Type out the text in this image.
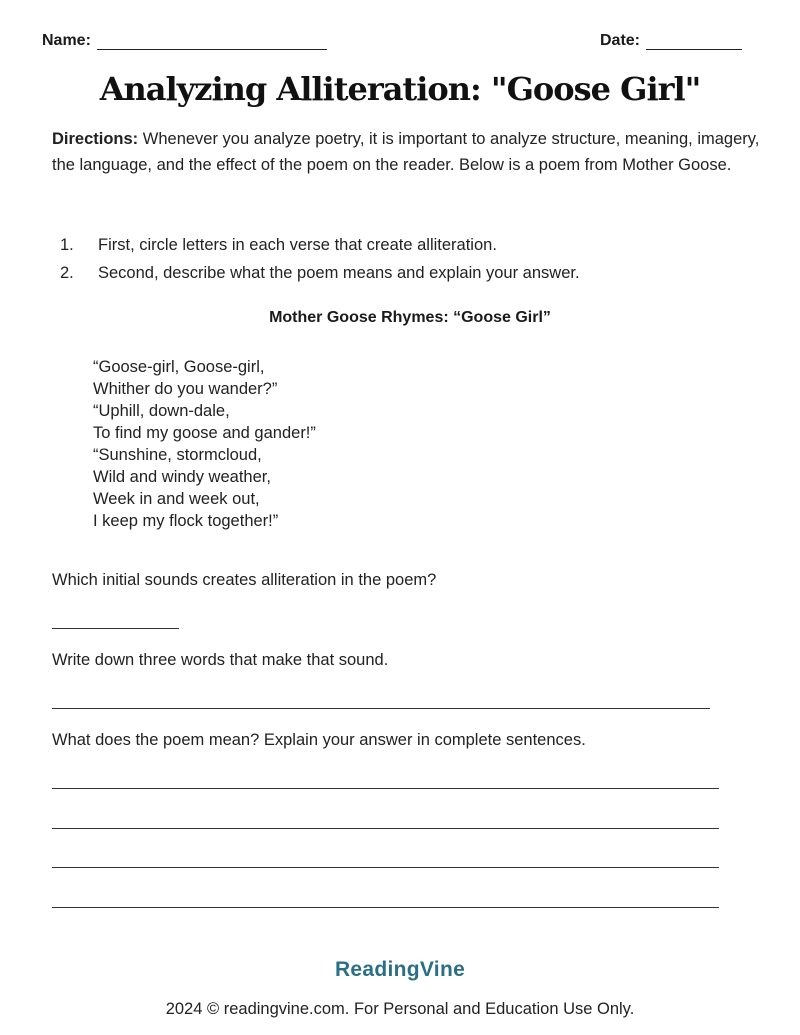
Name:	Date:
Analyzing Alliteration: "Goose Girl"
Directions: Whenever you analyze poetry, it is important to analyze structure, meaning, imagery, the language, and the effect of the poem on the reader. Below is a poem from Mother Goose.
1.	First, circle letters in each verse that create alliteration.
2.	Second, describe what the poem means and explain your answer.
Mother Goose Rhymes: “Goose Girl”
“Goose-girl, Goose-girl,
Whither do you wander?”
“Uphill, down-dale,
To find my goose and gander!”
“Sunshine, stormcloud,
Wild and windy weather,
Week in and week out,
I keep my flock together!”
Which initial sounds creates alliteration in the poem?
Write down three words that make that sound.
What does the poem mean? Explain your answer in complete sentences.
ReadingVine
2024 © readingvine.com. For Personal and Education Use Only.
